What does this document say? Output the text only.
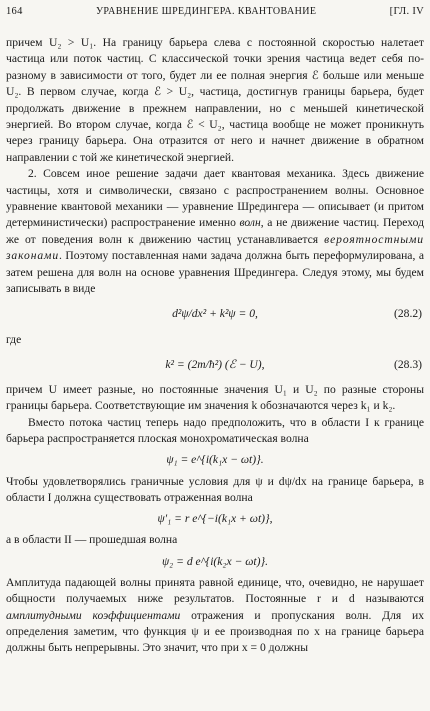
164	УРАВНЕНИЕ ШРЕДИНГЕРА. КВАНТОВАНИЕ	[ГЛ. IV

причем U₂ > U₁. На границу барьера слева с постоянной скоростью налетает частица или поток частиц. С классической точки зрения частица ведет себя по-разному в зависимости от того, будет ли ее полная энергия ℰ больше или меньше U₂. В первом случае, когда ℰ > U₂, частица, достигнув границы барьера, будет продолжать движение в прежнем направлении, но с меньшей кинетической энергией. Во втором случае, когда ℰ < U₂, частица вообще не может проникнуть через границу барьера. Она отразится от него и начнет движение в обратном направлении с той же кинетической энергией.

2. Совсем иное решение задачи дает квантовая механика. Здесь движение частицы, хотя и символически, связано с распространением волны. Основное уравнение квантовой механики — уравнение Шредингера — описывает (и притом детерминистически) распространение именно волн, а не движение частиц. Переход же от поведения волн к движению частиц устанавливается вероятностными законами. Поэтому поставленная нами задача должна быть переформулирована, а затем решена для волн на основе уравнения Шредингера. Следуя этому, мы будем записывать в виде

d²ψ/dx² + k²ψ = 0,	(28.2)

где

k² = (2m/ħ²) (ℰ − U),	(28.3)

причем U имеет разные, но постоянные значения U₁ и U₂ по разные стороны границы барьера. Соответствующие им значения k обозначаются через k₁ и k₂.

Вместо потока частиц теперь надо предположить, что в области I к границе барьера распространяется плоская монохроматическая волна

ψ₁ = e^{i(k₁x − ωt)}.

Чтобы удовлетворялись граничные условия для ψ и dψ/dx на границе барьера, в области I должна существовать отраженная волна

ψ′₁ = r e^{−i(k₁x + ωt)},

а в области II — прошедшая волна

ψ₂ = d e^{i(k₂x − ωt)}.

Амплитуда падающей волны принята равной единице, что, очевидно, не нарушает общности получаемых ниже результатов. Постоянные r и d называются амплитудными коэффициентами отражения и пропускания волн. Для их определения заметим, что функция ψ и ее производная по x на границе барьера должны быть непрерывны. Это значит, что при x = 0 должны
